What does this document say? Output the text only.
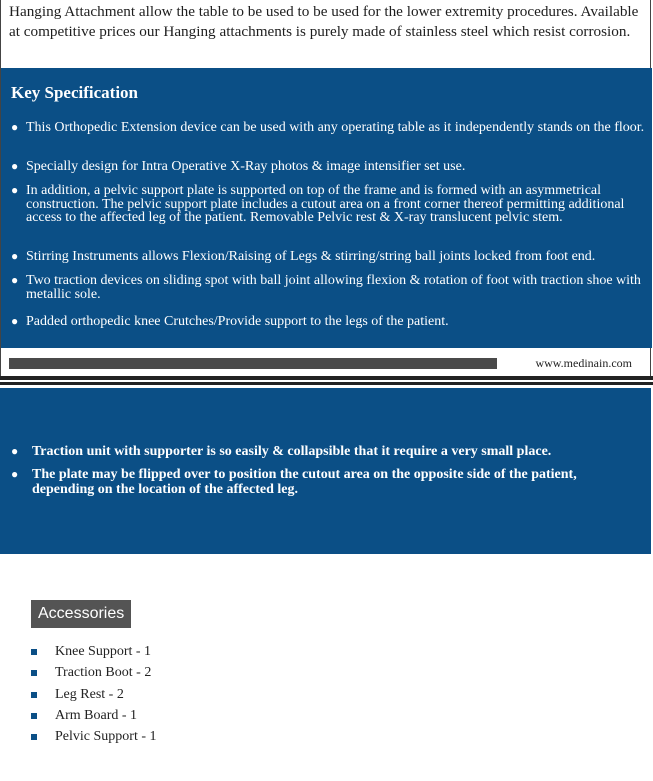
Hanging Attachment allow the table to be used to be used for the lower extremity procedures. Available at competitive prices our Hanging attachments is purely made of stainless steel which resist corrosion.

Key Specification
● This Orthopedic Extension device can be used with any operating table as it independently stands on the floor.
● Specially design for Intra Operative X-Ray photos & image intensifier set use.
● In addition, a pelvic support plate is supported on top of the frame and is formed with an asymmetrical construction. The pelvic support plate includes a cutout area on a front corner thereof permitting additional access to the affected leg of the patient. Removable Pelvic rest & X-ray translucent pelvic stem.
● Stirring Instruments allows Flexion/Raising of Legs & stirring/string ball joints locked from foot end.
● Two traction devices on sliding spot with ball joint allowing flexion & rotation of foot with traction shoe with metallic sole.
● Padded orthopedic knee Crutches/Provide support to the legs of the patient.
www.medinain.com
● Traction unit with supporter is so easily & collapsible that it require a very small place.
● The plate may be flipped over to position the cutout area on the opposite side of the patient, depending on the location of the affected leg.
Accessories
Knee Support - 1
Traction Boot - 2
Leg Rest - 2
Arm Board - 1
Pelvic Support - 1
